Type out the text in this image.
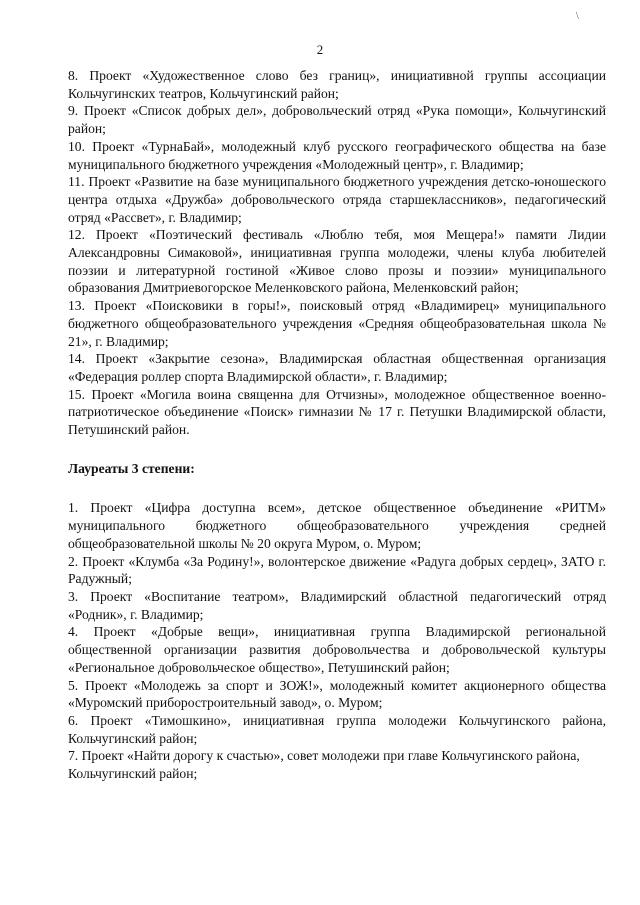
\
2

8. Проект «Художественное слово без границ», инициативной группы ассоциации Кольчугинских театров, Кольчугинский район;

9. Проект «Список добрых дел», добровольческий отряд «Рука помощи», Кольчугинский район;

10. Проект «ТурнаБай», молодежный клуб русского географического общества на базе муниципального бюджетного учреждения «Молодежный центр», г. Владимир;

11. Проект «Развитие на базе муниципального бюджетного учреждения детско-юношеского центра отдыха «Дружба» добровольческого отряда старшеклассников», педагогический отряд «Рассвет», г. Владимир;

12. Проект «Поэтический фестиваль «Люблю тебя, моя Мещера!» памяти Лидии Александровны Симаковой», инициативная группа молодежи, члены клуба любителей поэзии и литературной гостиной «Живое слово прозы и поэзии» муниципального образования Дмитриевогорское Меленковского района, Меленковский район;

13. Проект «Поисковики в горы!», поисковый отряд «Владимирец» муниципального бюджетного общеобразовательного учреждения «Средняя общеобразовательная школа № 21», г. Владимир;

14. Проект «Закрытие сезона», Владимирская областная общественная организация «Федерация роллер спорта Владимирской области», г. Владимир;

15. Проект «Могила воина священна для Отчизны», молодежное общественное военно-патриотическое объединение «Поиск» гимназии № 17 г. Петушки Владимирской области, Петушинский район.

Лауреаты 3 степени:

1. Проект «Цифра доступна всем», детское общественное объединение «РИТМ» муниципального бюджетного общеобразовательного учреждения средней общеобразовательной школы № 20 округа Муром, о. Муром;

2. Проект «Клумба «За Родину!», волонтерское движение «Радуга добрых сердец», ЗАТО г. Радужный;

3. Проект «Воспитание театром», Владимирский областной педагогический отряд «Родник», г. Владимир;

4. Проект «Добрые вещи», инициативная группа Владимирской региональной общественной организации развития добровольчества и добровольческой культуры «Региональное добровольческое общество», Петушинский район;

5. Проект «Молодежь за спорт и ЗОЖ!», молодежный комитет акционерного общества «Муромский приборостроительный завод», о. Муром;

6. Проект «Тимошкино», инициативная группа молодежи Кольчугинского района, Кольчугинский район;

7. Проект «Найти дорогу к счастью», совет молодежи при главе Кольчугинского района, Кольчугинский район;
